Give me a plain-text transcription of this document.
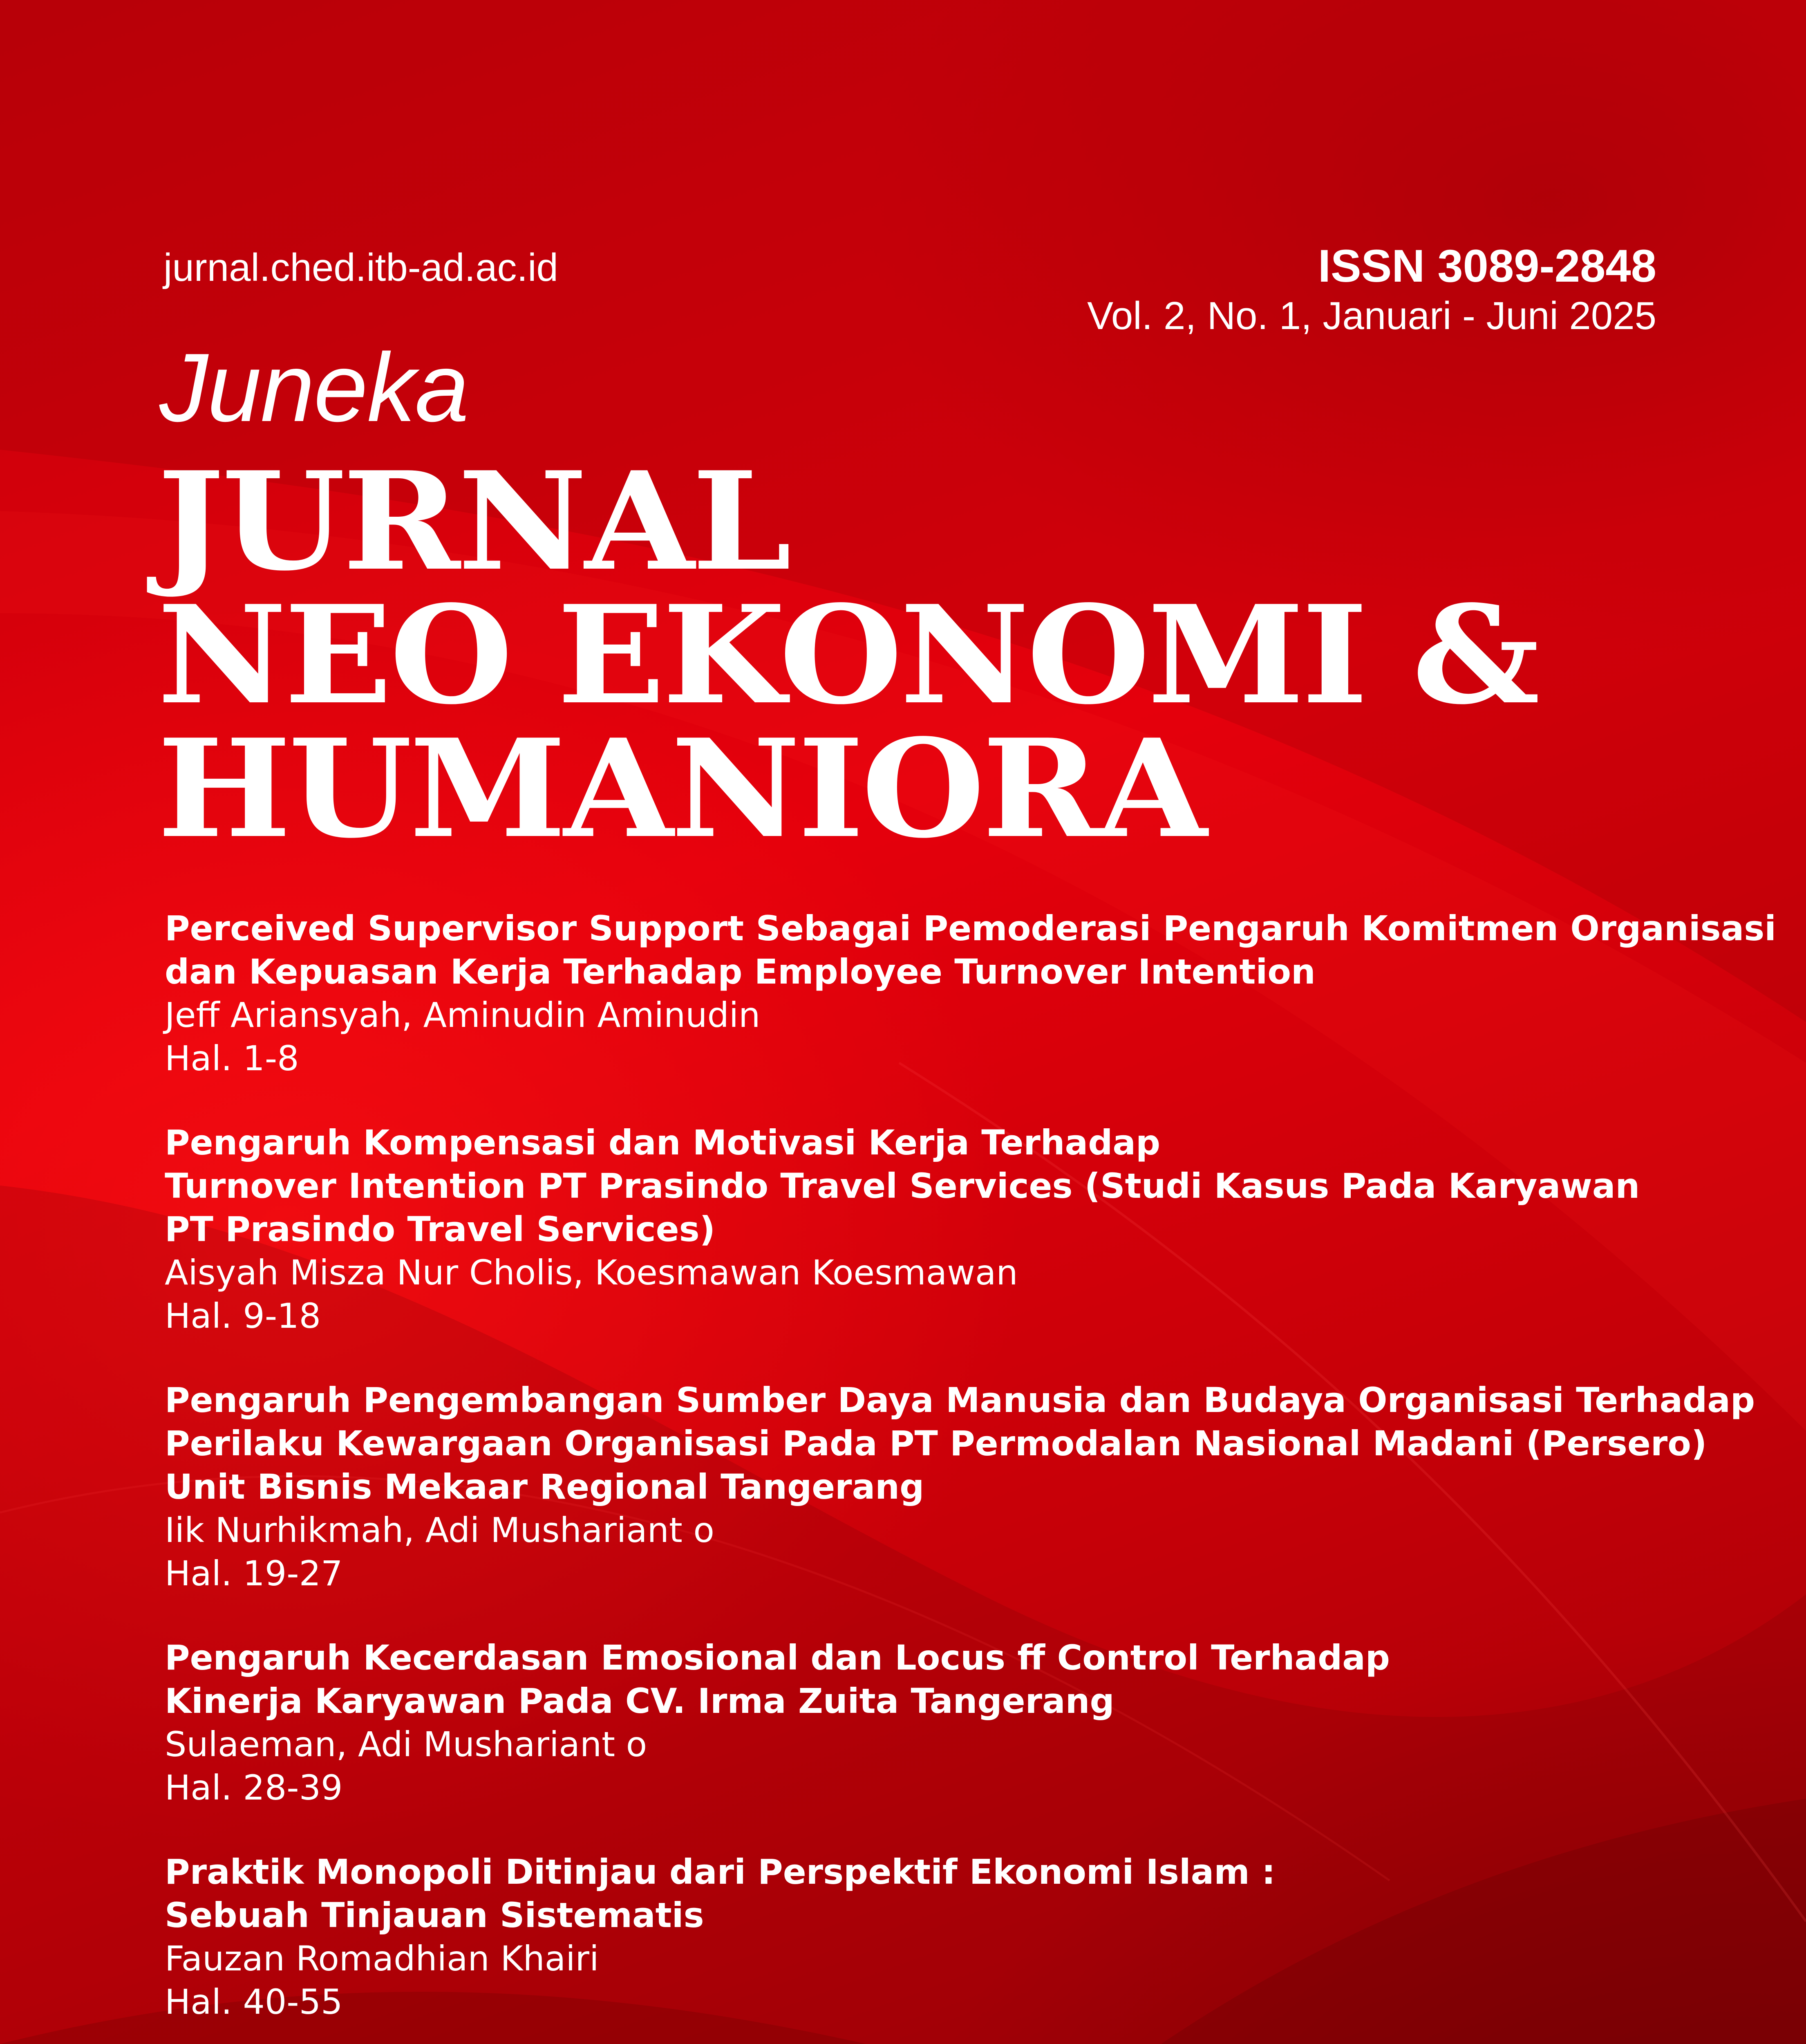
jurnal.ched.itb-ad.ac.id	ISSN 3089-2848
Vol. 2, No. 1, Januari - Juni 2025
Juneka
JURNAL
NEO EKONOMI &
HUMANIORA
Perceived Supervisor Support Sebagai Pemoderasi Pengaruh Komitmen Organisasi
dan Kepuasan Kerja Terhadap Employee Turnover Intention
Jeff Ariansyah, Aminudin Aminudin
Hal. 1-8
Pengaruh Kompensasi dan Motivasi Kerja Terhadap
Turnover Intention PT Prasindo Travel Services (Studi Kasus Pada Karyawan
PT Prasindo Travel Services)
Aisyah Misza Nur Cholis, Koesmawan Koesmawan
Hal. 9-18
Pengaruh Pengembangan Sumber Daya Manusia dan Budaya Organisasi Terhadap
Perilaku Kewargaan Organisasi Pada PT Permodalan Nasional Madani (Persero)
Unit Bisnis Mekaar Regional Tangerang
Iik Nurhikmah, Adi Mushariant o
Hal. 19-27
Pengaruh Kecerdasan Emosional dan Locus ff Control Terhadap
Kinerja Karyawan Pada CV. Irma Zuita Tangerang
Sulaeman, Adi Mushariant o
Hal. 28-39
Praktik Monopoli Ditinjau dari Perspektif Ekonomi Islam :
Sebuah Tinjauan Sistematis
Fauzan Romadhian Khairi
Hal. 40-55
